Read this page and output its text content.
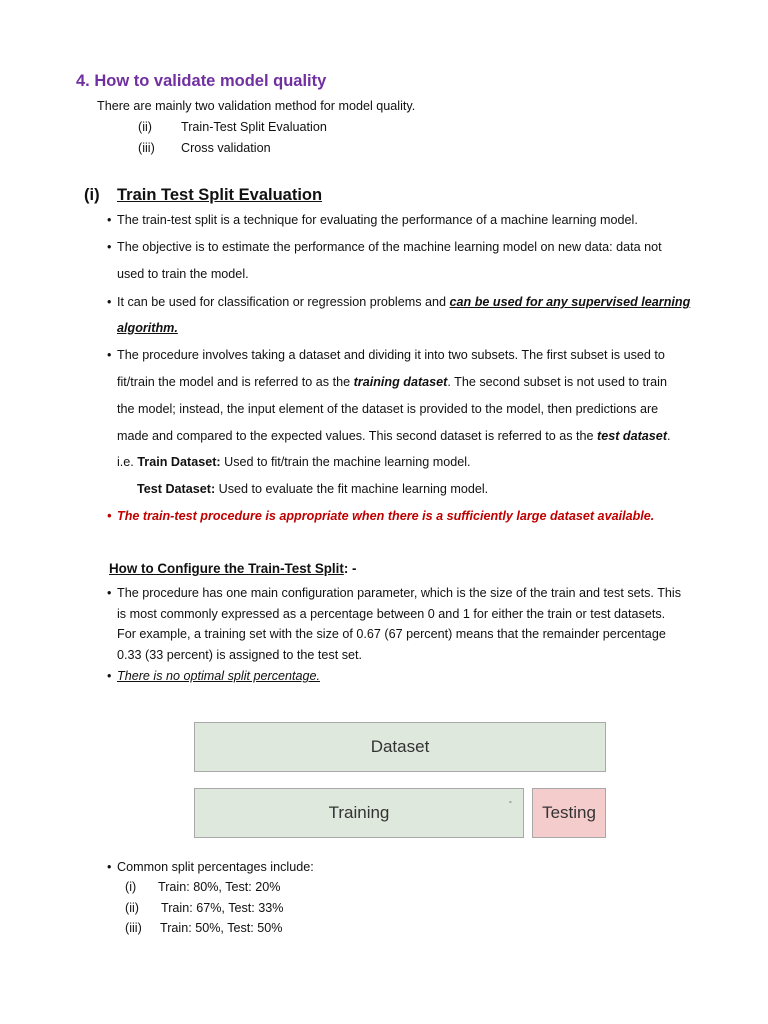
4. How to validate model quality
There are mainly two validation method for model quality.
(ii) Train-Test Split Evaluation
(iii) Cross validation
(i) Train Test Split Evaluation
• The train-test split is a technique for evaluating the performance of a machine learning model.
• The objective is to estimate the performance of the machine learning model on new data: data not
used to train the model.
• It can be used for classification or regression problems and can be used for any supervised learning
algorithm.
• The procedure involves taking a dataset and dividing it into two subsets. The first subset is used to
fit/train the model and is referred to as the training dataset. The second subset is not used to train
the model; instead, the input element of the dataset is provided to the model, then predictions are
made and compared to the expected values. This second dataset is referred to as the test dataset.
i.e. Train Dataset: Used to fit/train the machine learning model.
Test Dataset: Used to evaluate the fit machine learning model.
• The train-test procedure is appropriate when there is a sufficiently large dataset available.
How to Configure the Train-Test Split: -
• The procedure has one main configuration parameter, which is the size of the train and test sets. This
is most commonly expressed as a percentage between 0 and 1 for either the train or test datasets.
For example, a training set with the size of 0.67 (67 percent) means that the remainder percentage
0.33 (33 percent) is assigned to the test set.
• There is no optimal split percentage.
Dataset
Training	° Testing
• Common split percentages include:
(i) Train: 80%, Test: 20%
(ii) Train: 67%, Test: 33%
(iii) Train: 50%, Test: 50%
